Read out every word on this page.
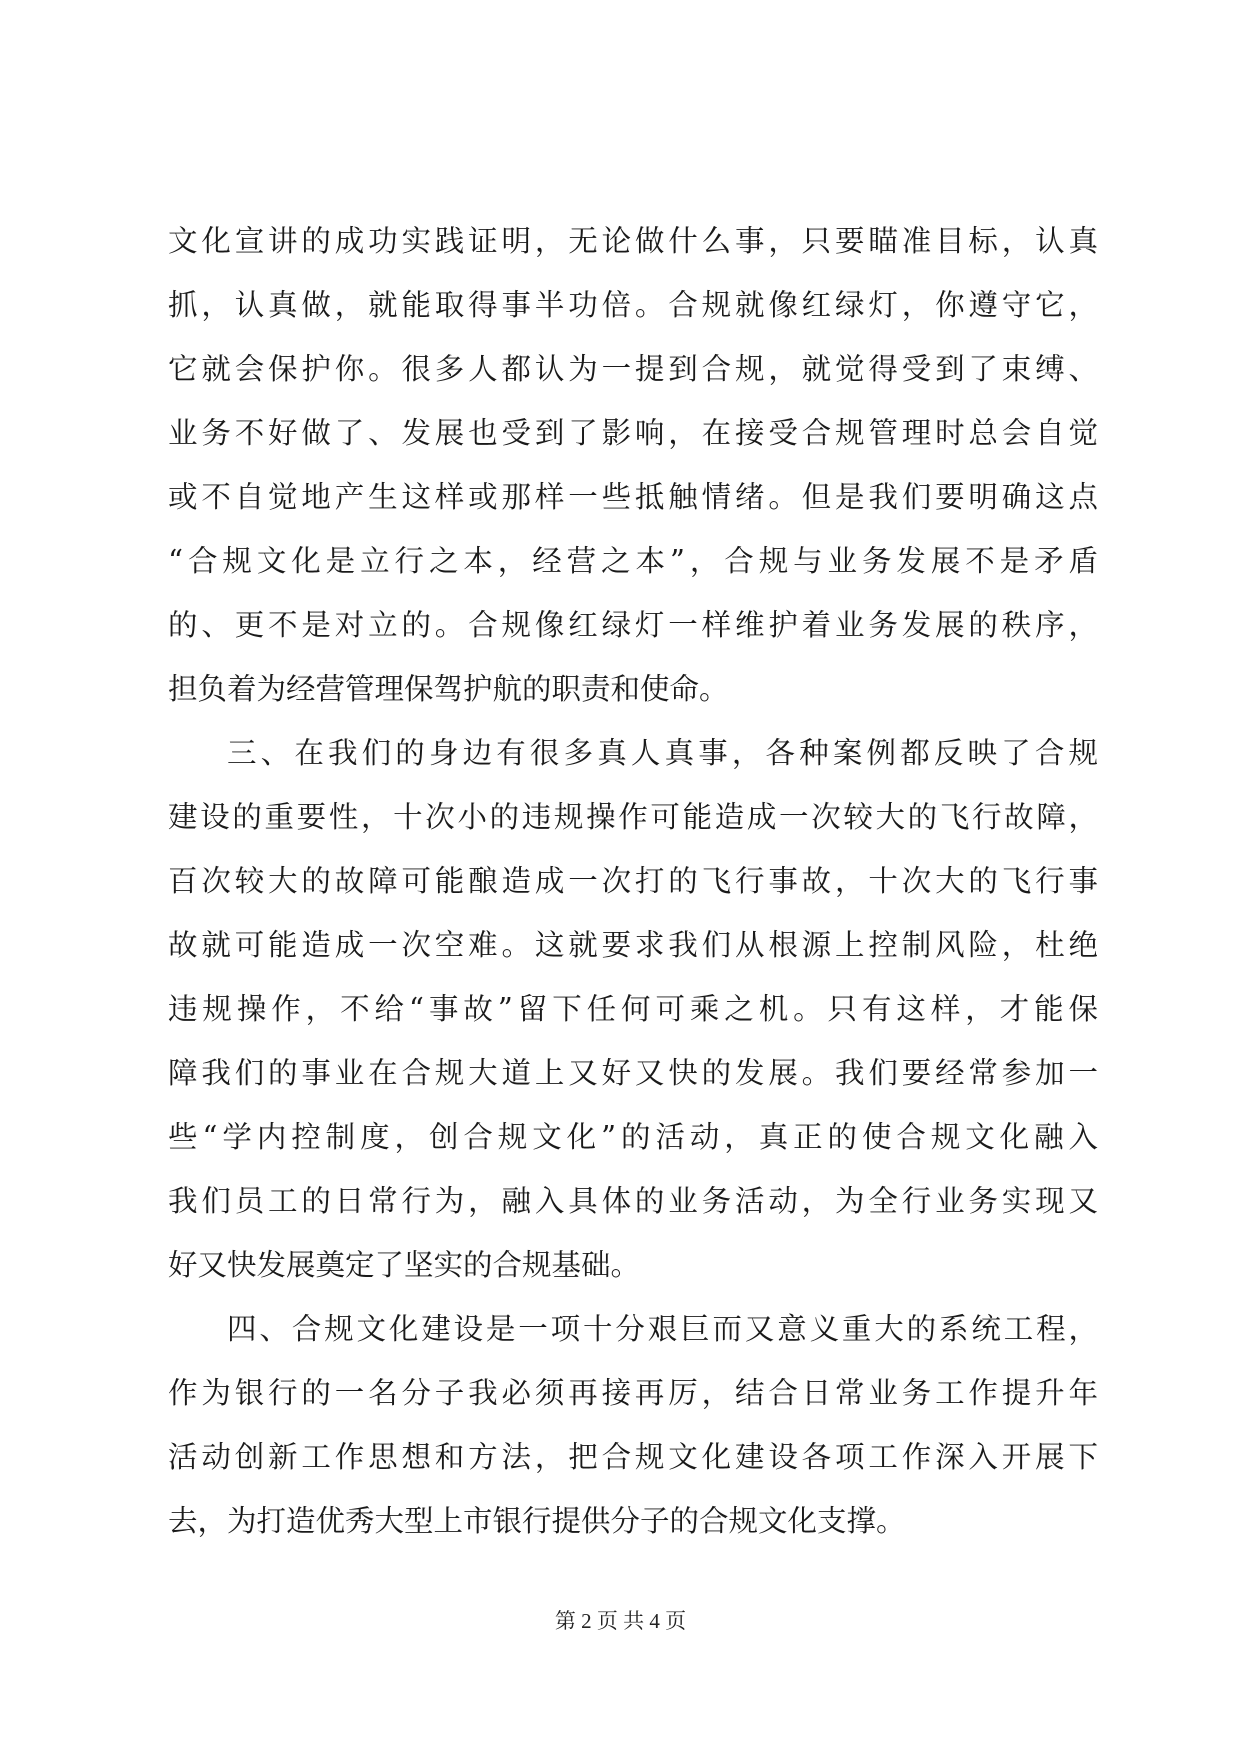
文化宣讲的成功实践证明，无论做什么事，只要瞄准目标，认真
抓，认真做，就能取得事半功倍。合规就像红绿灯，你遵守它，
它就会保护你。很多人都认为一提到合规，就觉得受到了束缚、
业务不好做了、发展也受到了影响，在接受合规管理时总会自觉
或不自觉地产生这样或那样一些抵触情绪。但是我们要明确这点
“合规文化是立行之本，经营之本”，合规与业务发展不是矛盾
的、更不是对立的。合规像红绿灯一样维护着业务发展的秩序，
担负着为经营管理保驾护航的职责和使命。
三、在我们的身边有很多真人真事，各种案例都反映了合规
建设的重要性，十次小的违规操作可能造成一次较大的飞行故障，
百次较大的故障可能酿造成一次打的飞行事故，十次大的飞行事
故就可能造成一次空难。这就要求我们从根源上控制风险，杜绝
违规操作，不给“事故”留下任何可乘之机。只有这样，才能保
障我们的事业在合规大道上又好又快的发展。我们要经常参加一
些“学内控制度，创合规文化”的活动，真正的使合规文化融入
我们员工的日常行为，融入具体的业务活动，为全行业务实现又
好又快发展奠定了坚实的合规基础。
四、合规文化建设是一项十分艰巨而又意义重大的系统工程，
作为银行的一名分子我必须再接再厉，结合日常业务工作提升年
活动创新工作思想和方法，把合规文化建设各项工作深入开展下
去，为打造优秀大型上市银行提供分子的合规文化支撑。
第 2 页 共 4 页
